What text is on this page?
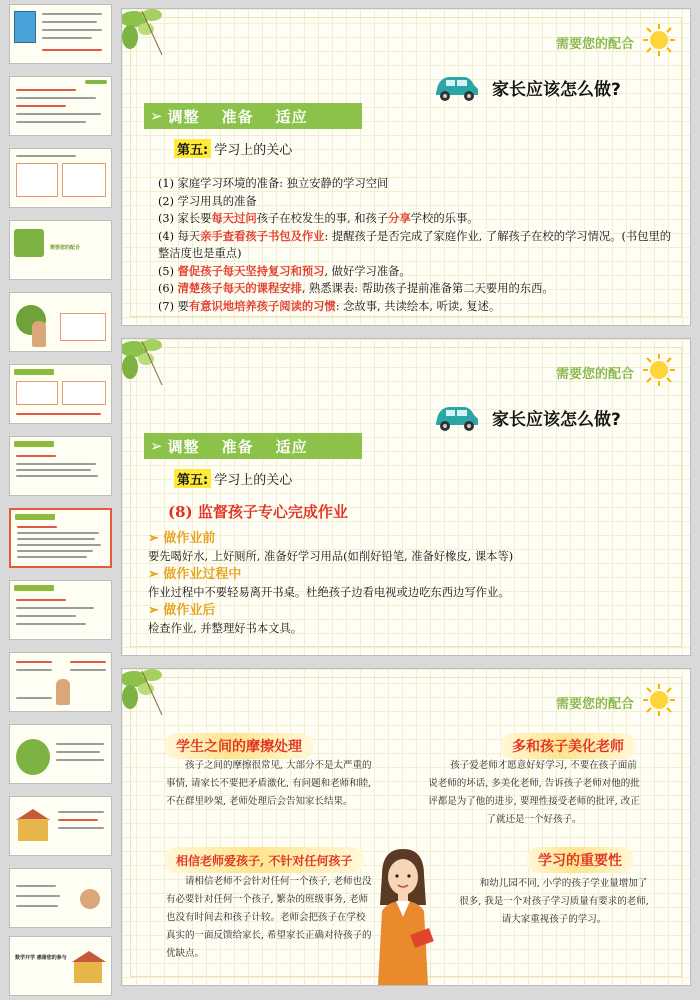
需要您的配合
数学开学 感谢您的参与
需要您的配合
家长应该怎么做?
➢ 调整 准备 适应
第五: 学习上的关心

(1) 家庭学习环境的准备: 独立安静的学习空间

(2) 学习用具的准备

(3) 家长要每天过问孩子在校发生的事, 和孩子分享学校的乐事。

(4) 每天亲手查看孩子书包及作业: 提醒孩子是否完成了家庭作业, 了解孩子在校的学习情况。(书包里的整洁度也是重点)

(5) 督促孩子每天坚持复习和预习, 做好学习准备。

(6) 清楚孩子每天的课程安排, 熟悉课表: 帮助孩子提前准备第二天要用的东西。

(7) 要有意识地培养孩子阅读的习惯: 念故事, 共读绘本, 听读, 复述。

需要您的配合
家长应该怎么做?
➢ 调整 准备 适应
第五: 学习上的关心
(8) 监督孩子专心完成作业
➢ 做作业前
要先喝好水, 上好厕所, 准备好学习用品(如削好铅笔, 准备好橡皮, 课本等)
➢ 做作业过程中
作业过程中不要轻易离开书桌。杜绝孩子边看电视或边吃东西边写作业。
➢ 做作业后
检查作业, 并整理好书本文具。
需要您的配合
学生之间的摩擦处理
孩子之间的摩擦很常见, 大部分不是太严重的事情, 请家长不要把矛盾激化, 有问题和老师和睦, 不在群里吵架, 老师处理后会告知家长结果。
多和孩子美化老师
孩子爱老师才愿意好好学习, 不要在孩子面前说老师的坏话, 多美化老师, 告诉孩子老师对他的批评都是为了他的进步, 要理性接受老师的批评, 改正了就还是一个好孩子。
相信老师爱孩子, 不针对任何孩子
请相信老师不会针对任何一个孩子, 老师也没有必要针对任何一个孩子, 繁杂的班级事务, 老师也没有时间去和孩子计较。老师会把孩子在学校真实的一面反馈给家长, 希望家长正确对待孩子的优缺点。
学习的重要性
和幼儿园不同, 小学的孩子学业量增加了很多, 我是一个对孩子学习质量有要求的老师, 请大家重视孩子的学习。
